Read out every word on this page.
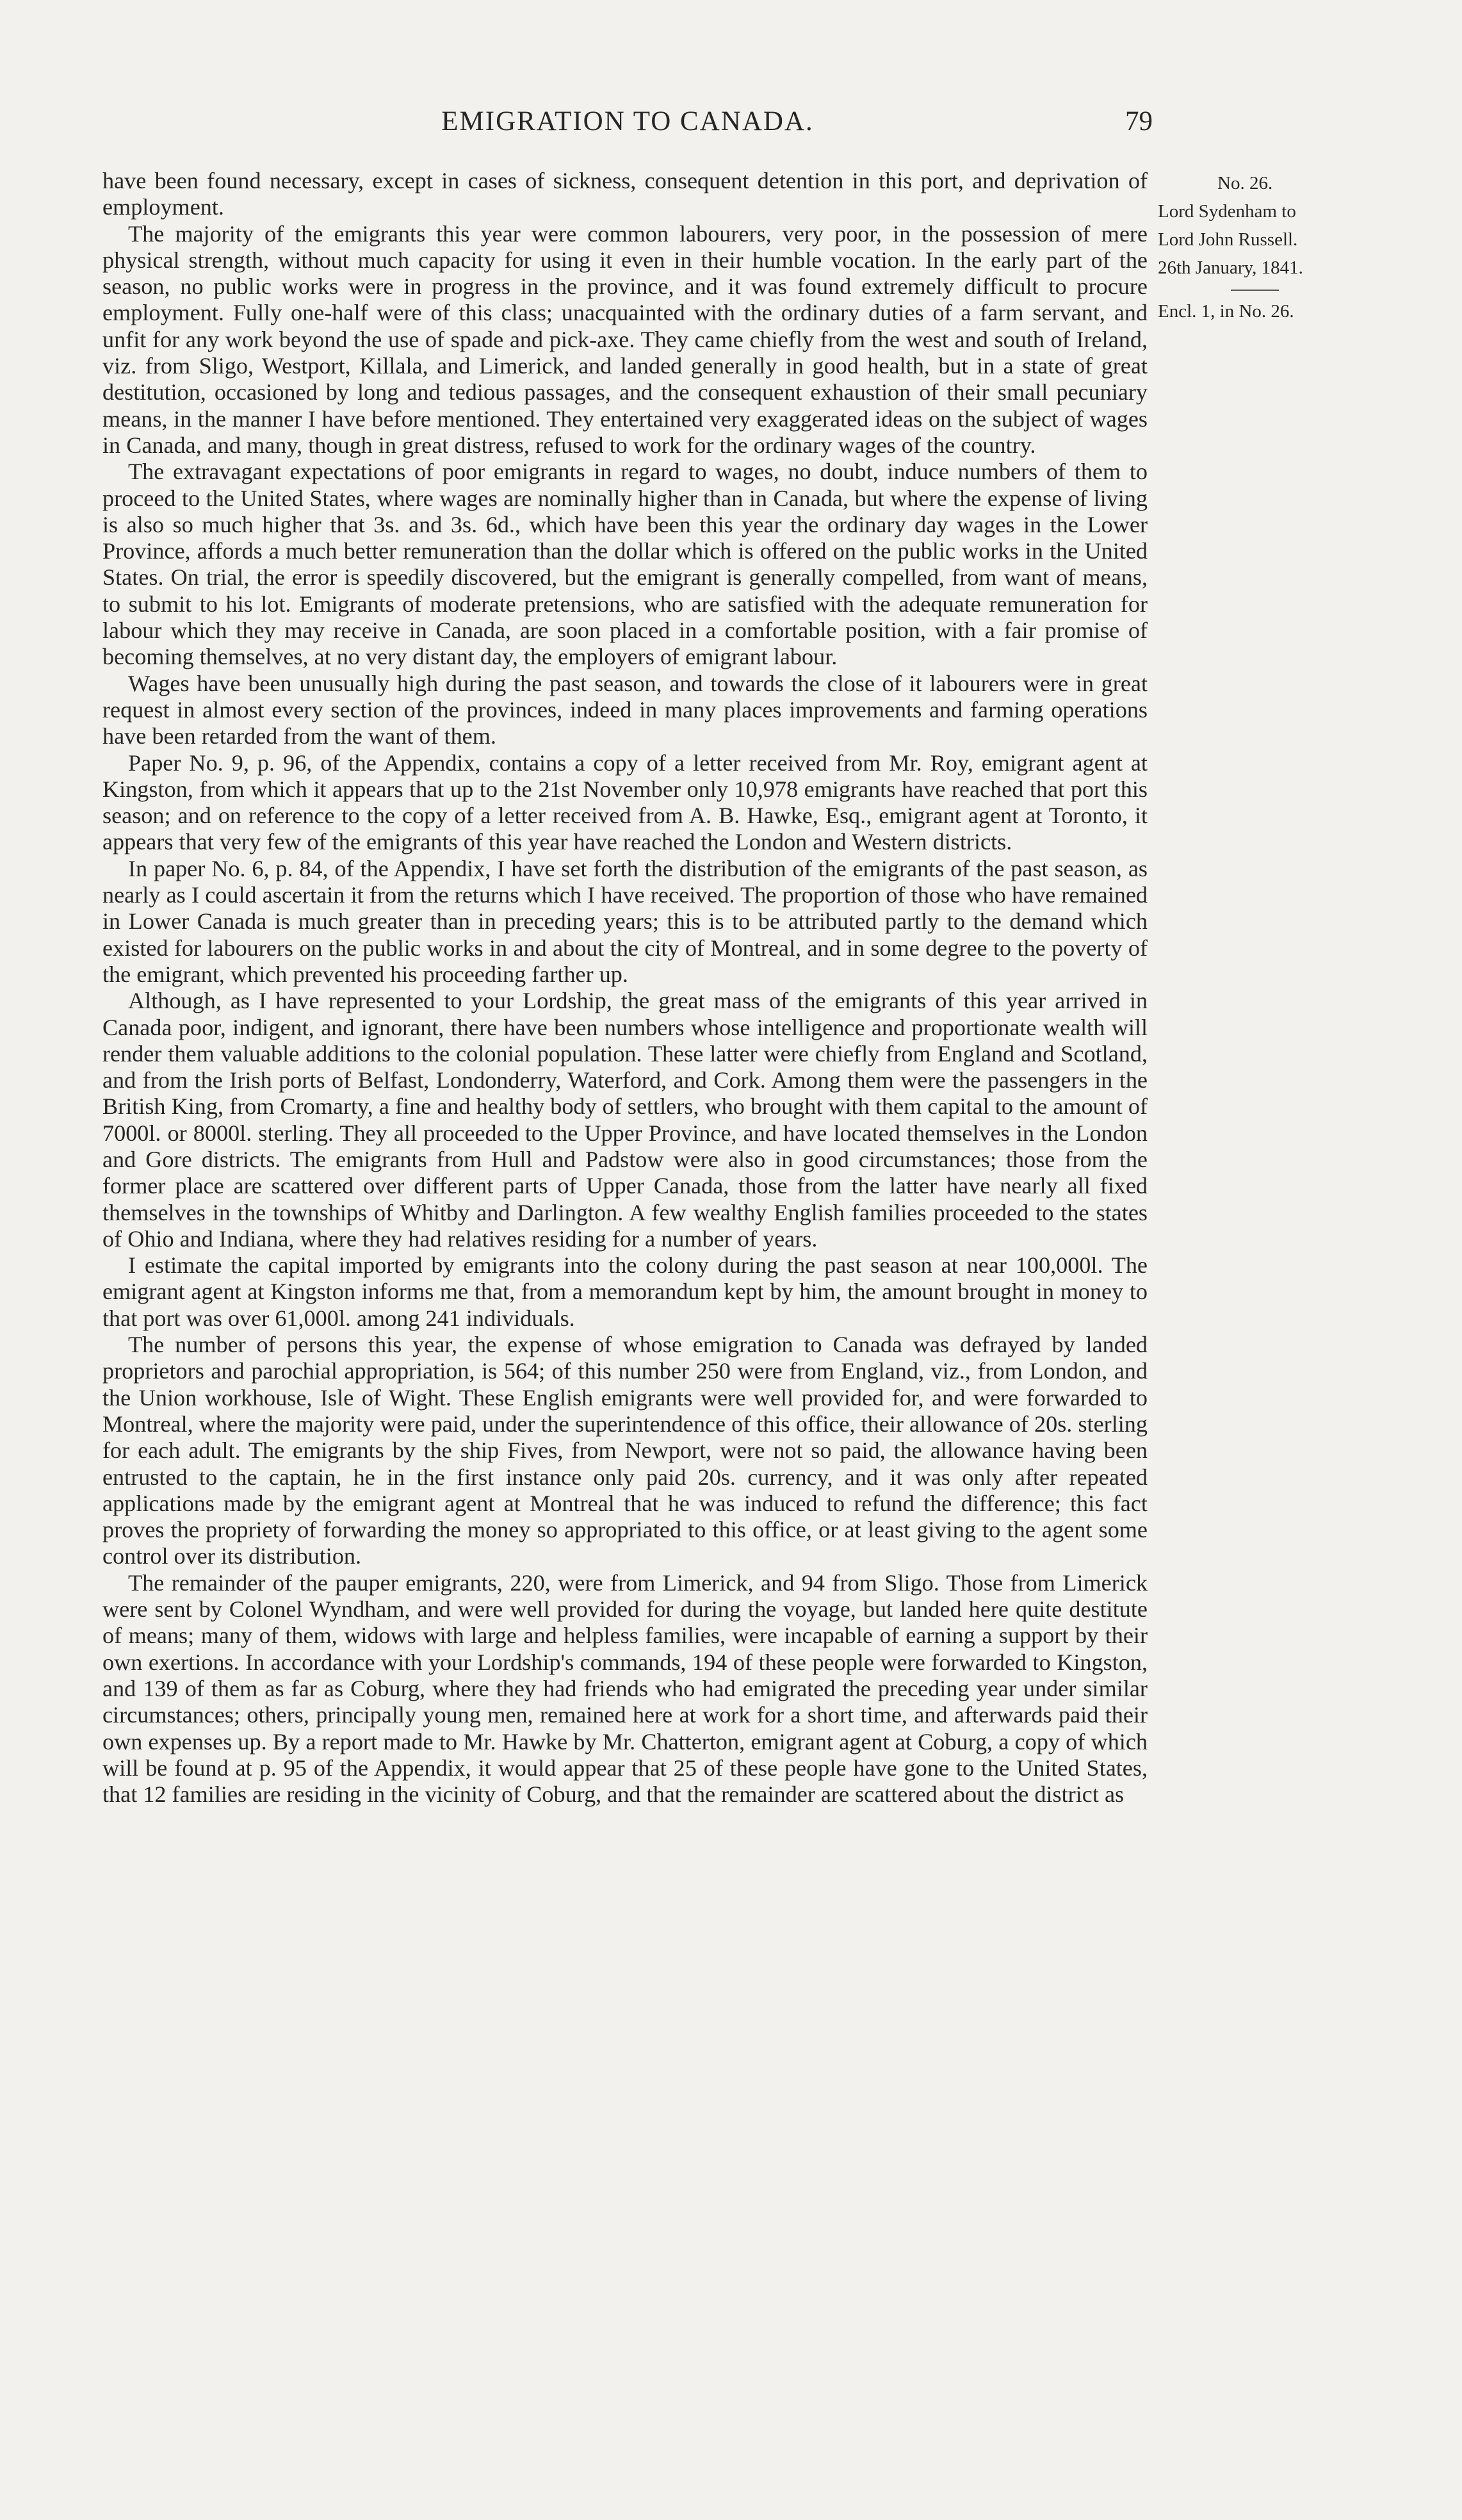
EMIGRATION TO CANADA.	79

have been found necessary, except in cases of sickness, consequent detention in this port, and deprivation of employment.

The majority of the emigrants this year were common labourers, very poor, in the possession of mere physical strength, without much capacity for using it even in their humble vocation. In the early part of the season, no public works were in progress in the province, and it was found extremely difficult to procure employment. Fully one-half were of this class; unacquainted with the ordinary duties of a farm servant, and unfit for any work beyond the use of spade and pick-axe. They came chiefly from the west and south of Ireland, viz. from Sligo, Westport, Killala, and Limerick, and landed generally in good health, but in a state of great destitution, occasioned by long and tedious passages, and the consequent exhaustion of their small pecuniary means, in the manner I have before mentioned. They entertained very exaggerated ideas on the subject of wages in Canada, and many, though in great distress, refused to work for the ordinary wages of the country.

The extravagant expectations of poor emigrants in regard to wages, no doubt, induce numbers of them to proceed to the United States, where wages are nominally higher than in Canada, but where the expense of living is also so much higher that 3s. and 3s. 6d., which have been this year the ordinary day wages in the Lower Province, affords a much better remuneration than the dollar which is offered on the public works in the United States. On trial, the error is speedily discovered, but the emigrant is generally compelled, from want of means, to submit to his lot. Emigrants of moderate pretensions, who are satisfied with the adequate remuneration for labour which they may receive in Canada, are soon placed in a comfortable position, with a fair promise of becoming themselves, at no very distant day, the employers of emigrant labour.

Wages have been unusually high during the past season, and towards the close of it labourers were in great request in almost every section of the provinces, indeed in many places improvements and farming operations have been retarded from the want of them.

Paper No. 9, p. 96, of the Appendix, contains a copy of a letter received from Mr. Roy, emigrant agent at Kingston, from which it appears that up to the 21st November only 10,978 emigrants have reached that port this season; and on reference to the copy of a letter received from A. B. Hawke, Esq., emigrant agent at Toronto, it appears that very few of the emigrants of this year have reached the London and Western districts.

In paper No. 6, p. 84, of the Appendix, I have set forth the distribution of the emigrants of the past season, as nearly as I could ascertain it from the returns which I have received. The proportion of those who have remained in Lower Canada is much greater than in preceding years; this is to be attributed partly to the demand which existed for labourers on the public works in and about the city of Montreal, and in some degree to the poverty of the emigrant, which prevented his proceeding farther up.

Although, as I have represented to your Lordship, the great mass of the emigrants of this year arrived in Canada poor, indigent, and ignorant, there have been numbers whose intelligence and proportionate wealth will render them valuable additions to the colonial population. These latter were chiefly from England and Scotland, and from the Irish ports of Belfast, Londonderry, Waterford, and Cork. Among them were the passengers in the British King, from Cromarty, a fine and healthy body of settlers, who brought with them capital to the amount of 7000l. or 8000l. sterling. They all proceeded to the Upper Province, and have located themselves in the London and Gore districts. The emigrants from Hull and Padstow were also in good circumstances; those from the former place are scattered over different parts of Upper Canada, those from the latter have nearly all fixed themselves in the townships of Whitby and Darlington. A few wealthy English families proceeded to the states of Ohio and Indiana, where they had relatives residing for a number of years.

I estimate the capital imported by emigrants into the colony during the past season at near 100,000l. The emigrant agent at Kingston informs me that, from a memorandum kept by him, the amount brought in money to that port was over 61,000l. among 241 individuals.

The number of persons this year, the expense of whose emigration to Canada was defrayed by landed proprietors and parochial appropriation, is 564; of this number 250 were from England, viz., from London, and the Union workhouse, Isle of Wight. These English emigrants were well provided for, and were forwarded to Montreal, where the majority were paid, under the superintendence of this office, their allowance of 20s. sterling for each adult. The emigrants by the ship Fives, from Newport, were not so paid, the allowance having been entrusted to the captain, he in the first instance only paid 20s. currency, and it was only after repeated applications made by the emigrant agent at Montreal that he was induced to refund the difference; this fact proves the propriety of forwarding the money so appropriated to this office, or at least giving to the agent some control over its distribution.

The remainder of the pauper emigrants, 220, were from Limerick, and 94 from Sligo. Those from Limerick were sent by Colonel Wyndham, and were well provided for during the voyage, but landed here quite destitute of means; many of them, widows with large and helpless families, were incapable of earning a support by their own exertions. In accordance with your Lordship's commands, 194 of these people were forwarded to Kingston, and 139 of them as far as Coburg, where they had friends who had emigrated the preceding year under similar circumstances; others, principally young men, remained here at work for a short time, and afterwards paid their own expenses up. By a report made to Mr. Hawke by Mr. Chatterton, emigrant agent at Coburg, a copy of which will be found at p. 95 of the Appendix, it would appear that 25 of these people have gone to the United States, that 12 families are residing in the vicinity of Coburg, and that the remainder are scattered about the district as

No. 26.
Lord Sydenham to
Lord John Russell.
26th January, 1841.
Encl. 1, in No. 26.
